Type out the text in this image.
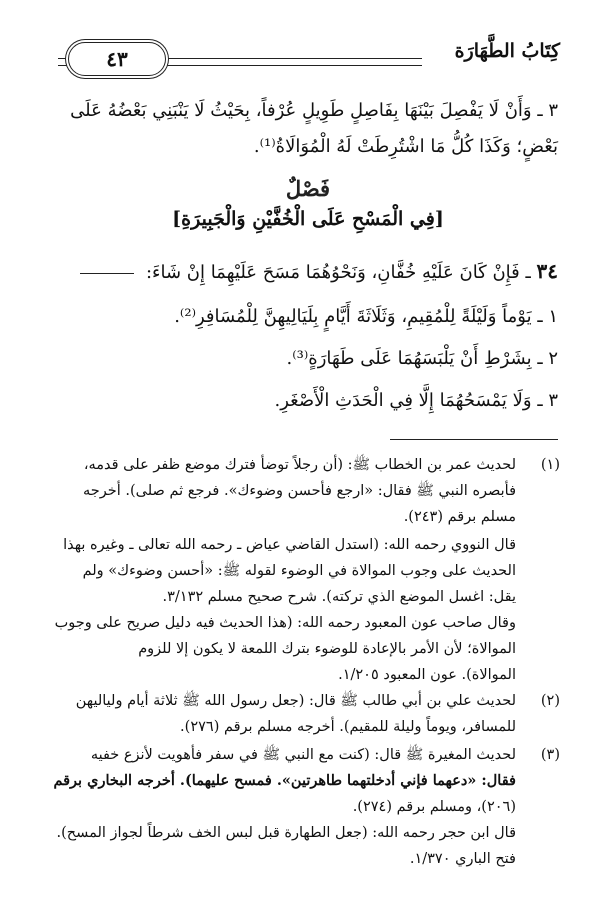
كِتَابُ الطَّهَارَة
٤٣
٣ ـ وَأَنْ لَا يَفْصِلَ بَيْنَهَا بِفَاصِلٍ طَوِيلٍ عُرْفاً، بِحَيْثُ لَا يَنْبَنِي بَعْضُهُ عَلَى
بَعْضٍ؛ وَكَذَا كُلُّ مَا اشْتُرِطَتْ لَهُ الْمُوَالَاةُ⁽¹⁾.
فَصْلٌ
[فِي الْمَسْحِ عَلَى الْخُفَّيْنِ وَالْجَبِيرَةِ]
٣٤ ـ فَإِنْ كَانَ عَلَيْهِ خُفَّانِ، وَنَحْوُهُمَا مَسَحَ عَلَيْهِمَا إِنْ شَاءَ:
١ ـ يَوْماً وَلَيْلَةً لِلْمُقِيمِ، وَثَلَاثَةَ أَيَّامٍ بِلَيَالِيهِنَّ لِلْمُسَافِرِ⁽²⁾.
٢ ـ بِشَرْطِ أَنْ يَلْبَسَهُمَا عَلَى طَهَارَةٍ⁽³⁾.
٣ ـ وَلَا يَمْسَحُهُمَا إِلَّا فِي الْحَدَثِ الْأَصْغَرِ.
(١)
لحديث عمر بن الخطاب ﷺ: (أن رجلاً توضأ فترك موضع ظفر على قدمه،
فأبصره النبي ﷺ فقال: «ارجع فأحسن وضوءك». فرجع ثم صلى). أخرجه
مسلم برقم (٢٤٣).
قال النووي رحمه الله: (استدل القاضي عياض ـ رحمه الله تعالى ـ وغيره بهذا
الحديث على وجوب الموالاة في الوضوء لقوله ﷺ: «أحسن وضوءك» ولم
يقل: اغسل الموضع الذي تركته). شرح صحيح مسلم ٣/١٣٢.
وقال صاحب عون المعبود رحمه الله: (هذا الحديث فيه دليل صريح على وجوب
الموالاة؛ لأن الأمر بالإعادة للوضوء بترك اللمعة لا يكون إلا للزوم
الموالاة). عون المعبود ١/٢٠٥.
(٢)
لحديث علي بن أبي طالب ﷺ قال: (جعل رسول الله ﷺ ثلاثة أيام ولياليهن
للمسافر، ويوماً وليلة للمقيم). أخرجه مسلم برقم (٢٧٦).
(٣)
لحديث المغيرة ﷺ قال: (كنت مع النبي ﷺ في سفر فأهويت لأنزع خفيه
فقال: «دعهما فإني أدخلتهما طاهرتين». فمسح عليهما). أخرجه البخاري برقم
(٢٠٦)، ومسلم برقم (٢٧٤).
قال ابن حجر رحمه الله: (جعل الطهارة قبل لبس الخف شرطاً لجواز المسح).
فتح الباري ١/٣٧٠.
